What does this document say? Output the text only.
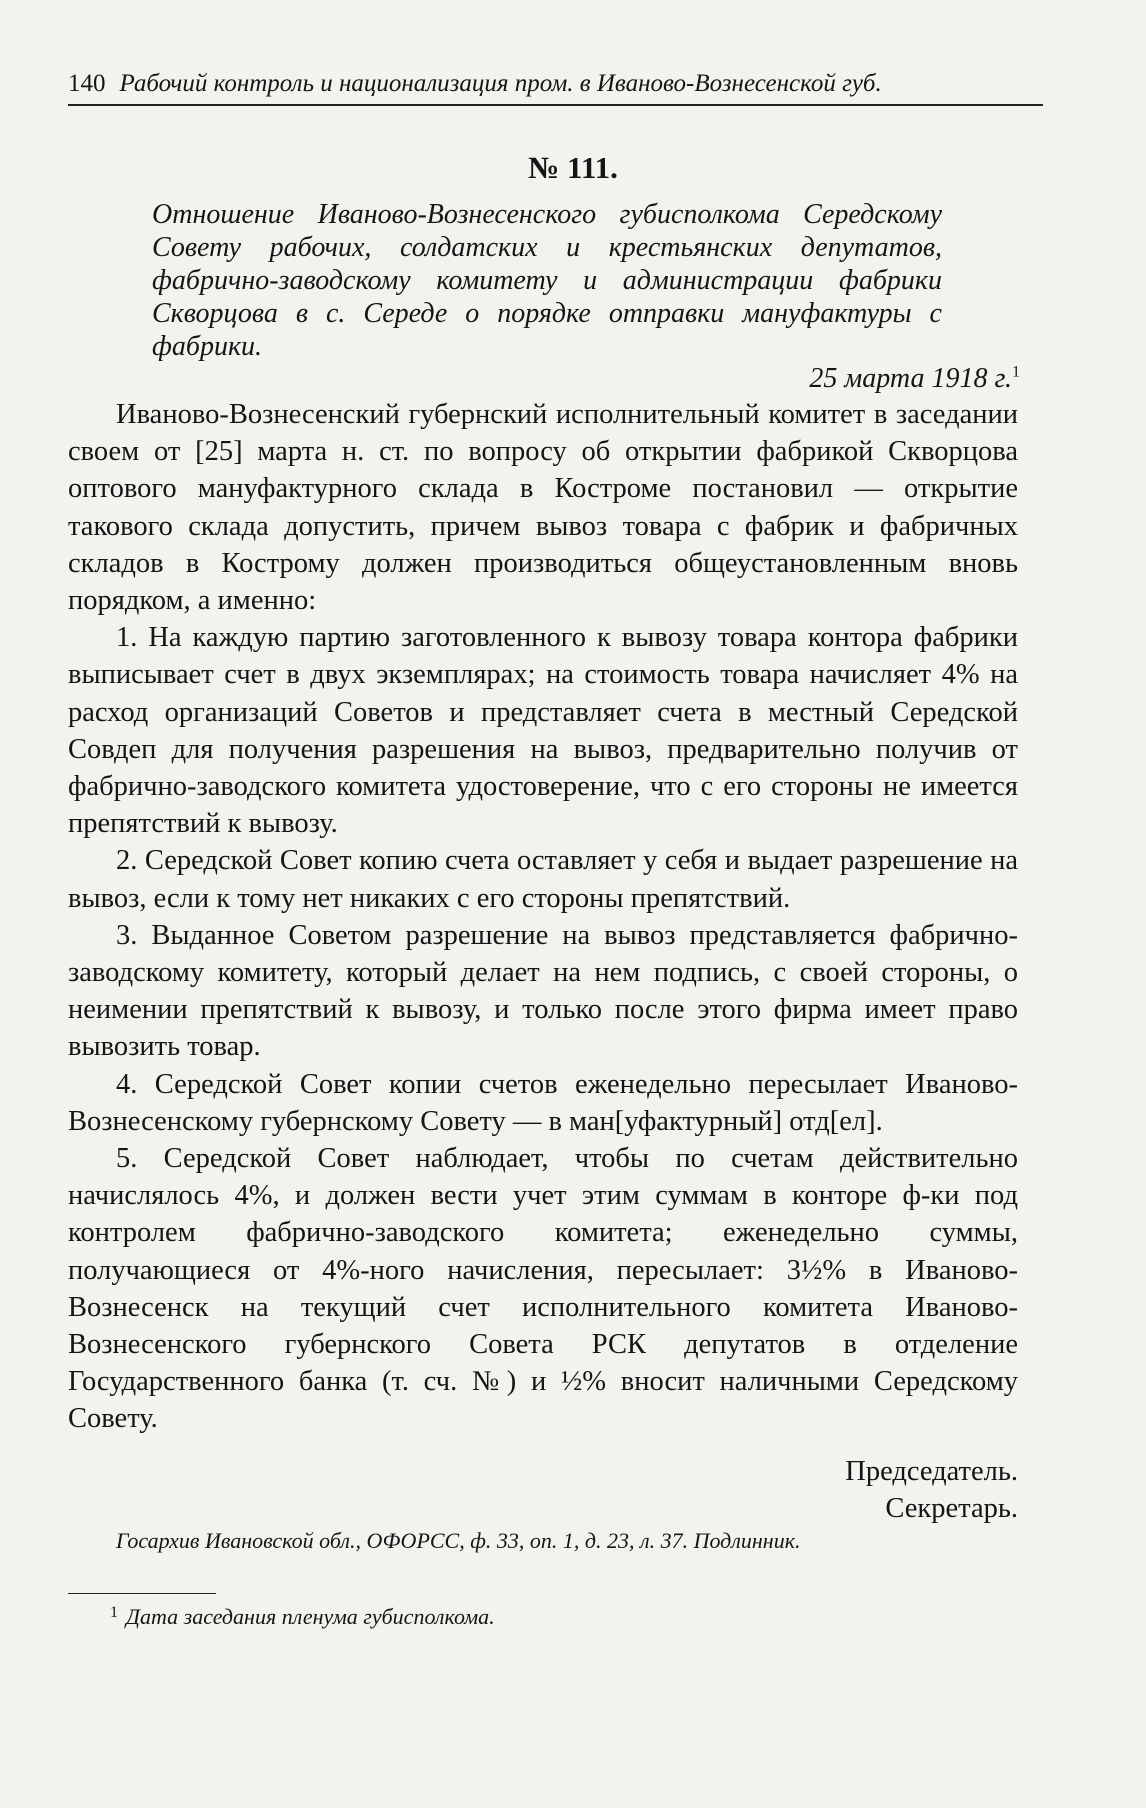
140 Рабочий контроль и национализация пром. в Иваново-Вознесенской губ.
№ 111.
Отношение Иваново-Вознесенского губисполкома Середскому Совету рабочих, солдатских и крестьянских депутатов, фабрично-заводскому комитету и администрации фабрики Скворцова в с. Середе о порядке отправки мануфактуры с фабрики.
25 марта 1918 г.$^1$

Иваново-Вознесенский губернский исполнительный комитет в заседании своем от [25] марта н. ст. по вопросу об открытии фабрикой Скворцова оптового мануфактурного склада в Костроме постановил — открытие такового склада допустить, причем вывоз товара с фабрик и фабричных складов в Кострому должен производиться общеустановленным вновь порядком, а именно:

1. На каждую партию заготовленного к вывозу товара контора фабрики выписывает счет в двух экземплярах; на стоимость товара начисляет 4% на расход организаций Советов и представляет счета в местный Середской Совдеп для получения разрешения на вывоз, предварительно получив от фабрично-заводского комитета удостоверение, что с его стороны не имеется препятствий к вывозу.

2. Середской Совет копию счета оставляет у себя и выдает разрешение на вывоз, если к тому нет никаких с его стороны препятствий.

3. Выданное Советом разрешение на вывоз представляется фабрично-заводскому комитету, который делает на нем подпись, с своей стороны, о неимении препятствий к вывозу, и только после этого фирма имеет право вывозить товар.

4. Середской Совет копии счетов еженедельно пересылает Иваново-Вознесенскому губернскому Совету — в ман[уфактурный] отд[ел].

5. Середской Совет наблюдает, чтобы по счетам действительно начислялось 4%, и должен вести учет этим суммам в конторе ф-ки под контролем фабрично-заводского комитета; еженедельно суммы, получающиеся от 4%-ного начисления, пересылает: 3½% в Иваново-Вознесенск на текущий счет исполнительного комитета Иваново-Вознесенского губернского Совета РСК депутатов в отделение Государственного банка (т. сч. №) и ½% вносит наличными Середскому Совету.

Председатель.
Секретарь.
Госархив Ивановской обл., ОФОРСС, ф. 33, оп. 1, д. 23, л. 37. Подлинник.
$^1$ Дата заседания пленума губисполкома.
